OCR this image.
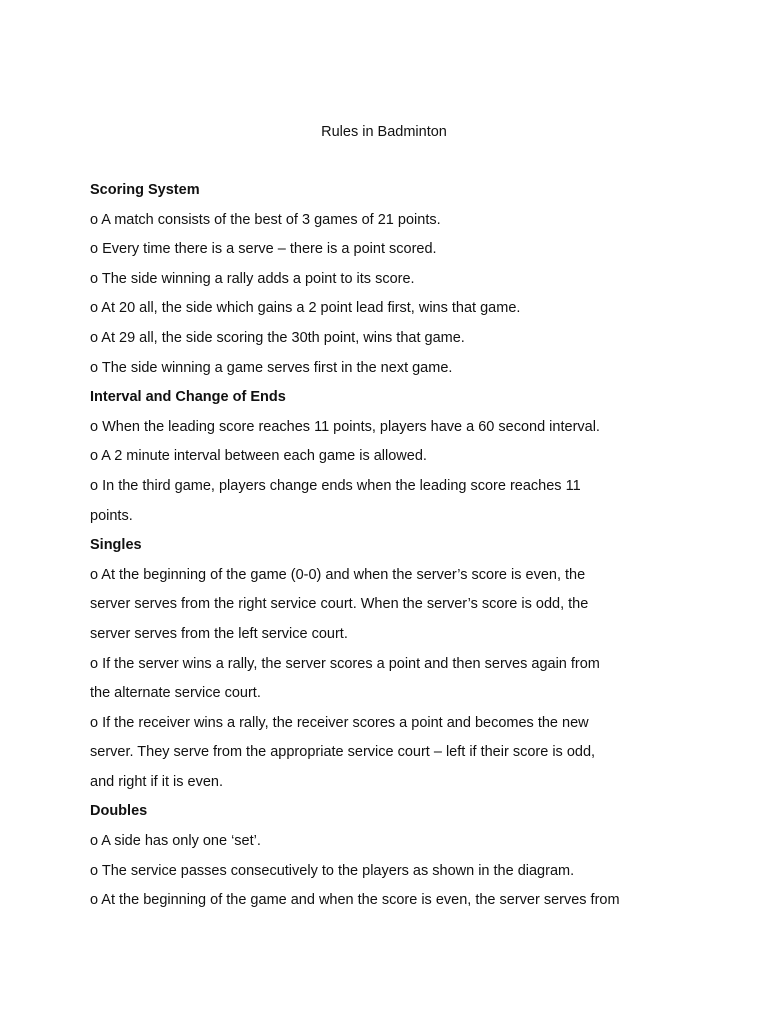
Rules in Badminton
Scoring System
o A match consists of the best of 3 games of 21 points.
o Every time there is a serve – there is a point scored.
o The side winning a rally adds a point to its score.
o At 20 all, the side which gains a 2 point lead first, wins that game.
o At 29 all, the side scoring the 30th point, wins that game.
o The side winning a game serves first in the next game.
Interval and Change of Ends
o When the leading score reaches 11 points, players have a 60 second interval.
o A 2 minute interval between each game is allowed.
o In the third game, players change ends when the leading score reaches 11
points.
Singles
o At the beginning of the game (0-0) and when the server’s score is even, the
server serves from the right service court. When the server’s score is odd, the
server serves from the left service court.
o If the server wins a rally, the server scores a point and then serves again from
the alternate service court.
o If the receiver wins a rally, the receiver scores a point and becomes the new
server. They serve from the appropriate service court – left if their score is odd,
and right if it is even.
Doubles
o A side has only one ‘set’.
o The service passes consecutively to the players as shown in the diagram.
o At the beginning of the game and when the score is even, the server serves from
